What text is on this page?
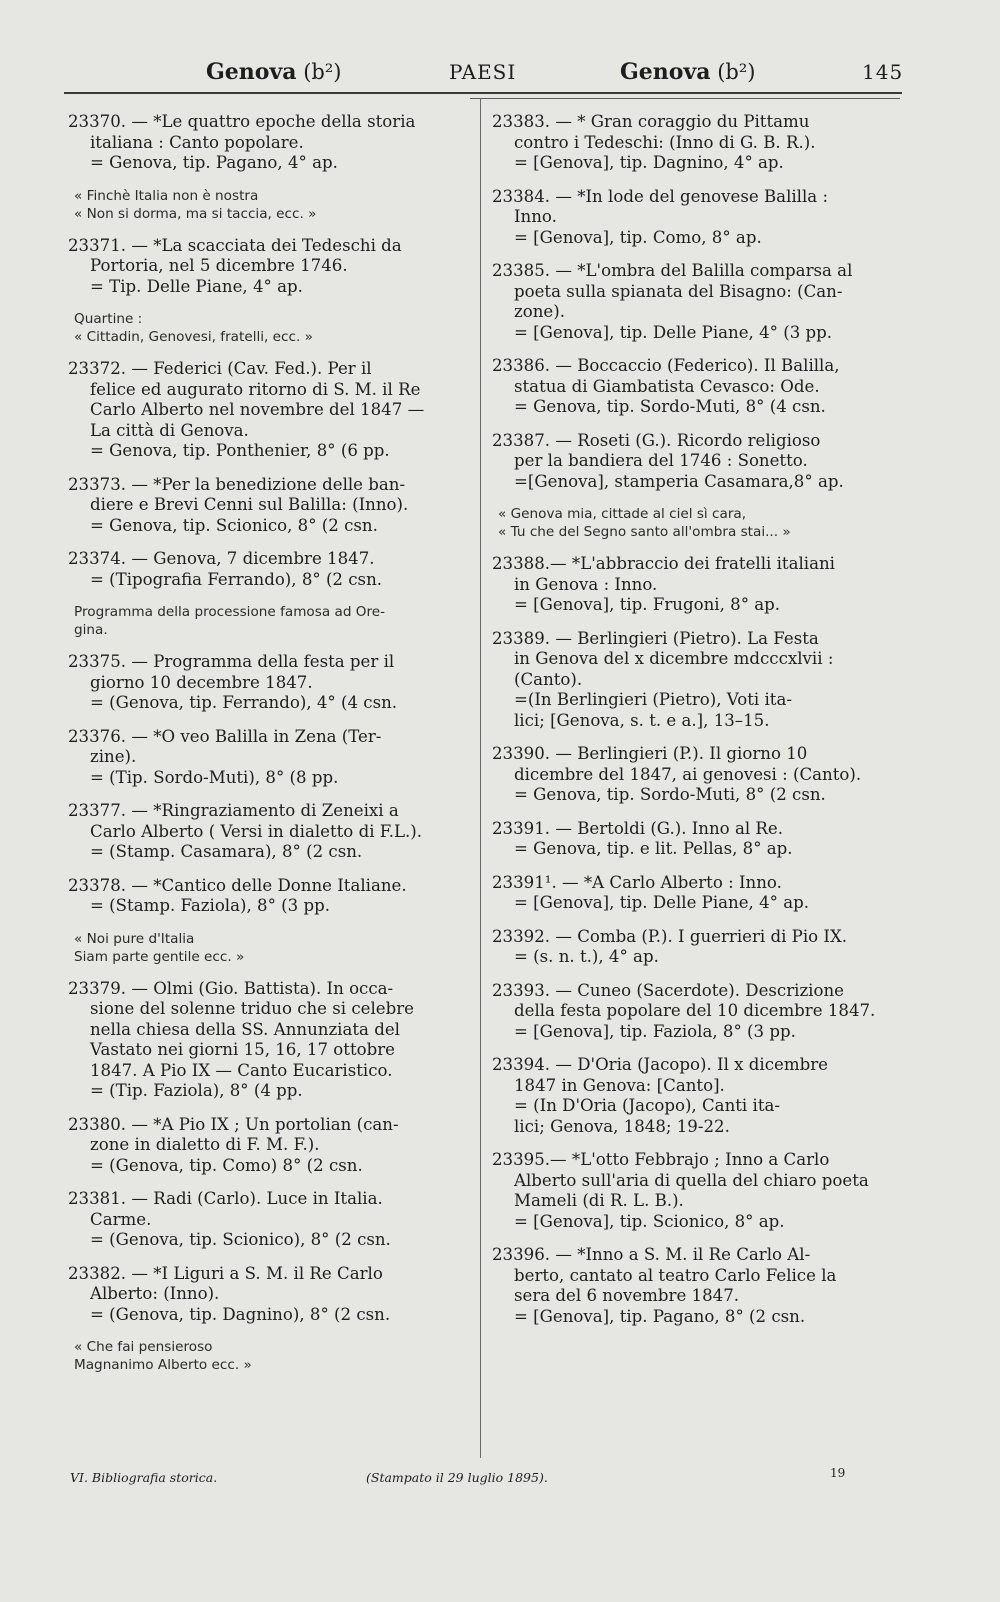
Genova (b²)	PAESI	Genova (b²)	145
23370. — *Le quattro epoche della storia
italiana : Canto popolare.
= Genova, tip. Pagano, 4° ap.
« Finchè Italia non è nostra
« Non si dorma, ma si taccia, ecc. »
23371. — *La scacciata dei Tedeschi da
Portoria, nel 5 dicembre 1746.
= Tip. Delle Piane, 4° ap.
Quartine :
« Cittadin, Genovesi, fratelli, ecc. »
23372. — Federici (Cav. Fed.). Per il
felice ed augurato ritorno di S. M. il Re
Carlo Alberto nel novembre del 1847 —
La città di Genova.
= Genova, tip. Ponthenier, 8° (6 pp.
23373. — *Per la benedizione delle ban-
diere e Brevi Cenni sul Balilla: (Inno).
= Genova, tip. Scionico, 8° (2 csn.
23374. — Genova, 7 dicembre 1847.
= (Tipografia Ferrando), 8° (2 csn.
Programma della processione famosa ad Ore-
gina.
23375. — Programma della festa per il
giorno 10 decembre 1847.
= (Genova, tip. Ferrando), 4° (4 csn.
23376. — *O veo Balilla in Zena (Ter-
zine).
= (Tip. Sordo-Muti), 8° (8 pp.
23377. — *Ringraziamento di Zeneixi a
Carlo Alberto ( Versi in dialetto di F.L.).
= (Stamp. Casamara), 8° (2 csn.
23378. — *Cantico delle Donne Italiane.
= (Stamp. Faziola), 8° (3 pp.
« Noi pure d'Italia
Siam parte gentile ecc. »
23379. — Olmi (Gio. Battista). In occa-
sione del solenne triduo che si celebre
nella chiesa della SS. Annunziata del
Vastato nei giorni 15, 16, 17 ottobre
1847. A Pio IX — Canto Eucaristico.
= (Tip. Faziola), 8° (4 pp.
23380. — *A Pio IX ; Un portolian (can-
zone in dialetto di F. M. F.).
= (Genova, tip. Como) 8° (2 csn.
23381. — Radi (Carlo). Luce in Italia.
Carme.
= (Genova, tip. Scionico), 8° (2 csn.
23382. — *I Liguri a S. M. il Re Carlo
Alberto: (Inno).
= (Genova, tip. Dagnino), 8° (2 csn.
« Che fai pensieroso
Magnanimo Alberto ecc. »
23383. — * Gran coraggio du Pittamu
contro i Tedeschi: (Inno di G. B. R.).
= [Genova], tip. Dagnino, 4° ap.
23384. — *In lode del genovese Balilla :
Inno.
= [Genova], tip. Como, 8° ap.
23385. — *L'ombra del Balilla comparsa al
poeta sulla spianata del Bisagno: (Can-
zone).
= [Genova], tip. Delle Piane, 4° (3 pp.
23386. — Boccaccio (Federico). Il Balilla,
statua di Giambatista Cevasco: Ode.
= Genova, tip. Sordo-Muti, 8° (4 csn.
23387. — Roseti (G.). Ricordo religioso
per la bandiera del 1746 : Sonetto.
=[Genova], stamperia Casamara,8° ap.
« Genova mia, cittade al ciel sì cara,
« Tu che del Segno santo all'ombra stai... »
23388.— *L'abbraccio dei fratelli italiani
in Genova : Inno.
= [Genova], tip. Frugoni, 8° ap.
23389. — Berlingieri (Pietro). La Festa
in Genova del x dicembre mdcccxlvii :
(Canto).
=(In Berlingieri (Pietro), Voti ita-
lici; [Genova, s. t. e a.], 13–15.
23390. — Berlingieri (P.). Il giorno 10
dicembre del 1847, ai genovesi : (Canto).
= Genova, tip. Sordo-Muti, 8° (2 csn.
23391. — Bertoldi (G.). Inno al Re.
= Genova, tip. e lit. Pellas, 8° ap.
23391¹. — *A Carlo Alberto : Inno.
= [Genova], tip. Delle Piane, 4° ap.
23392. — Comba (P.). I guerrieri di Pio IX.
= (s. n. t.), 4° ap.
23393. — Cuneo (Sacerdote). Descrizione
della festa popolare del 10 dicembre 1847.
= [Genova], tip. Faziola, 8° (3 pp.
23394. — D'Oria (Jacopo). Il x dicembre
1847 in Genova: [Canto].
= (In D'Oria (Jacopo), Canti ita-
lici; Genova, 1848; 19-22.
23395.— *L'otto Febbrajo ; Inno a Carlo
Alberto sull'aria di quella del chiaro poeta
Mameli (di R. L. B.).
= [Genova], tip. Scionico, 8° ap.
23396. — *Inno a S. M. il Re Carlo Al-
berto, cantato al teatro Carlo Felice la
sera del 6 novembre 1847.
= [Genova], tip. Pagano, 8° (2 csn.
VI. Bibliografia storica.	(Stampato il 29 luglio 1895).	19
